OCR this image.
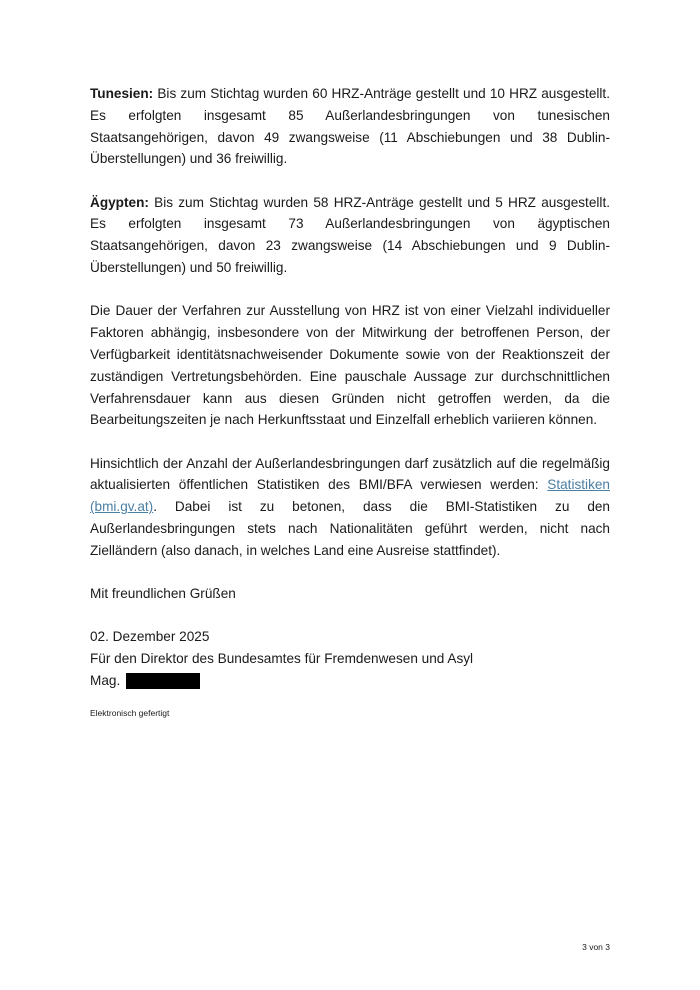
Tunesien: Bis zum Stichtag wurden 60 HRZ-Anträge gestellt und 10 HRZ ausgestellt. Es erfolgten insgesamt 85 Außerlandesbringungen von tunesischen Staatsangehörigen, davon 49 zwangsweise (11 Abschiebungen und 38 Dublin-Überstellungen) und 36 freiwillig.

Ägypten: Bis zum Stichtag wurden 58 HRZ-Anträge gestellt und 5 HRZ ausgestellt. Es erfolgten insgesamt 73 Außerlandesbringungen von ägyptischen Staatsangehörigen, davon 23 zwangsweise (14 Abschiebungen und 9 Dublin-Überstellungen) und 50 freiwillig.

Die Dauer der Verfahren zur Ausstellung von HRZ ist von einer Vielzahl individueller Faktoren abhängig, insbesondere von der Mitwirkung der betroffenen Person, der Verfügbarkeit identitätsnachweisender Dokumente sowie von der Reaktionszeit der zuständigen Vertretungsbehörden. Eine pauschale Aussage zur durchschnittlichen Verfahrensdauer kann aus diesen Gründen nicht getroffen werden, da die Bearbeitungszeiten je nach Herkunftsstaat und Einzelfall erheblich variieren können.

Hinsichtlich der Anzahl der Außerlandesbringungen darf zusätzlich auf die regelmäßig aktualisierten öffentlichen Statistiken des BMI/BFA verwiesen werden: Statistiken (bmi.gv.at). Dabei ist zu betonen, dass die BMI-Statistiken zu den Außerlandesbringungen stets nach Nationalitäten geführt werden, nicht nach Zielländern (also danach, in welches Land eine Ausreise stattfindet).

Mit freundlichen Grüßen

02. Dezember 2025

Für den Direktor des Bundesamtes für Fremdenwesen und Asyl

Mag.
Elektronisch gefertigt
3 von 3
